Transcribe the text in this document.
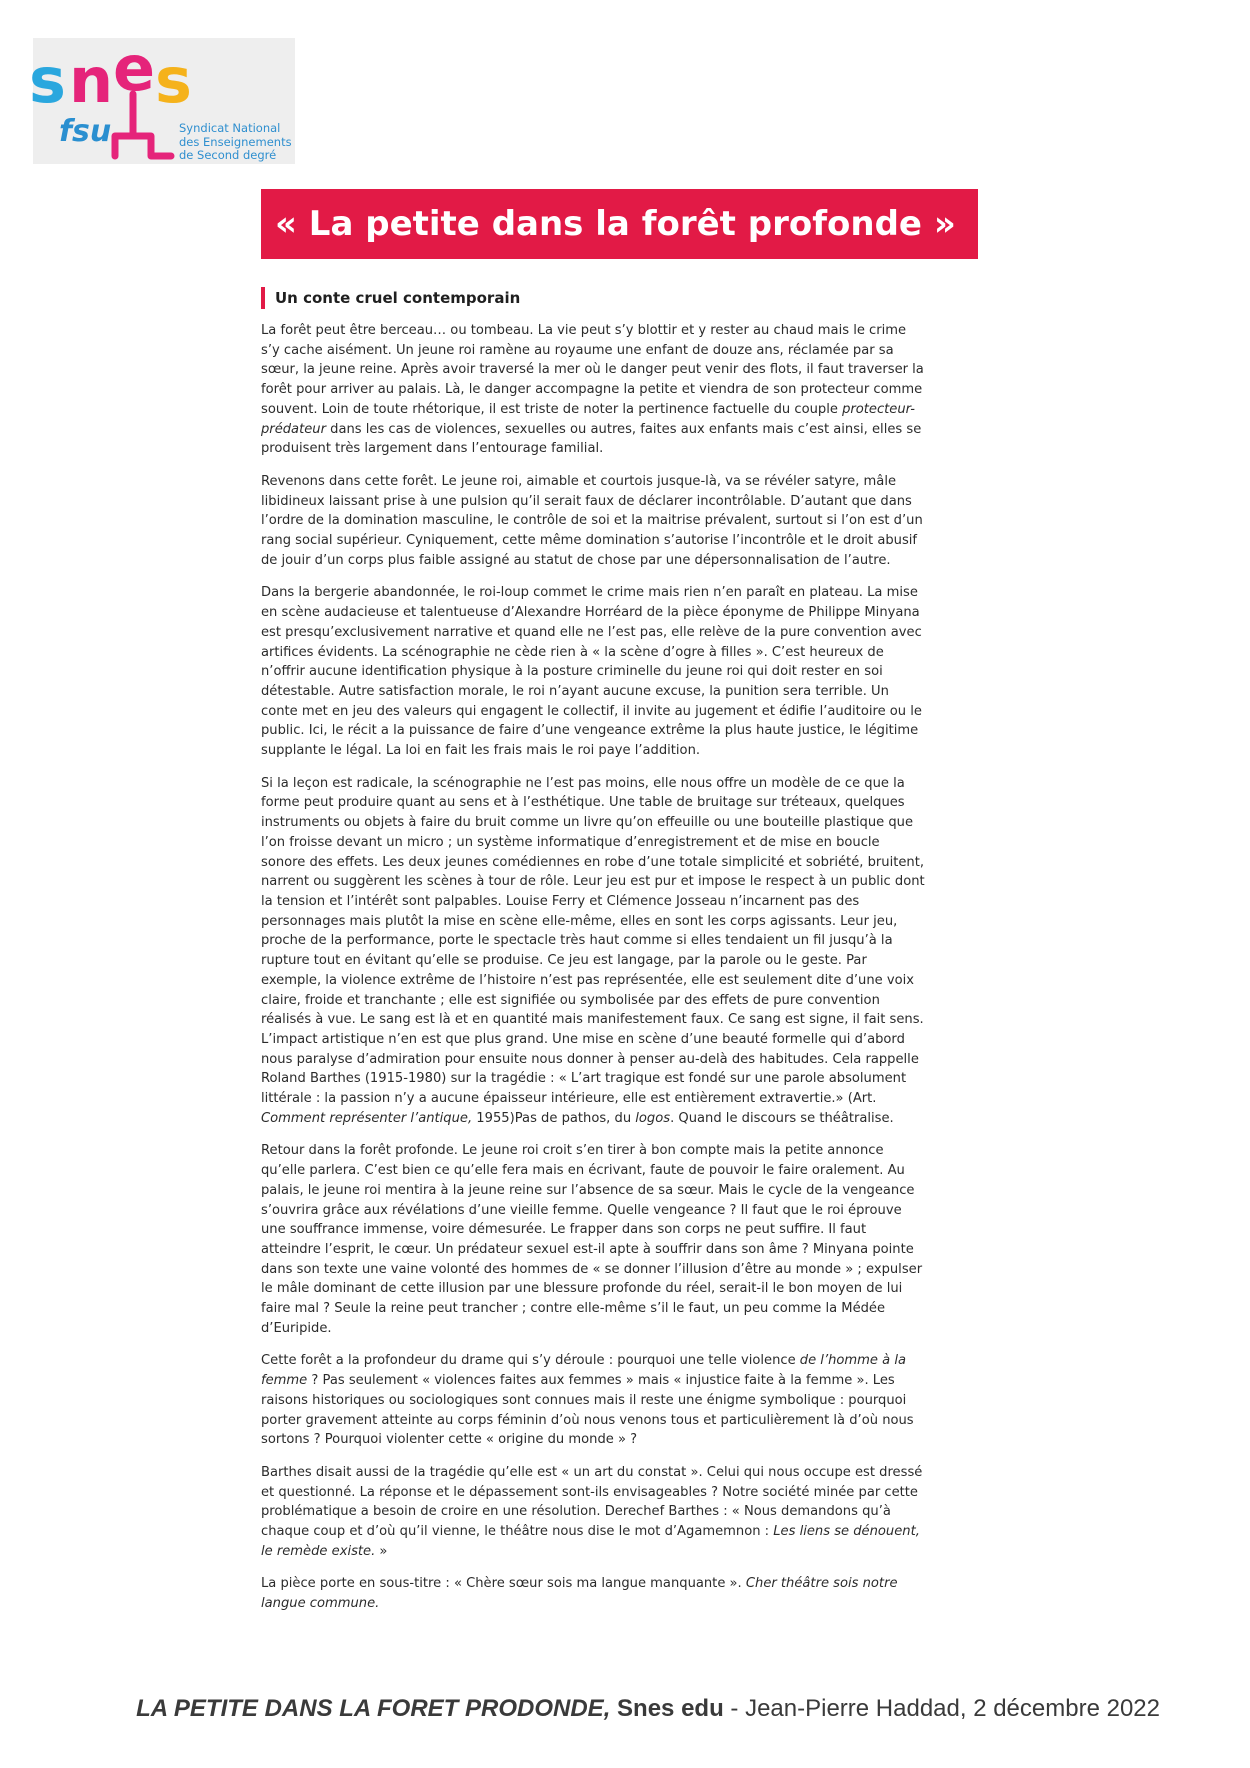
s n e s
fsu	Syndicat National
des Enseignements
de Second degré
« La petite dans la forêt profonde »
Un conte cruel contemporain

La forêt peut être berceau… ou tombeau. La vie peut s’y blottir et y rester au chaud mais le crime s’y cache aisément. Un jeune roi ramène au royaume une enfant de douze ans, réclamée par sa sœur, la jeune reine. Après avoir traversé la mer où le danger peut venir des flots, il faut traverser la forêt pour arriver au palais. Là, le danger accompagne la petite et viendra de son protecteur comme souvent. Loin de toute rhétorique, il est triste de noter la pertinence factuelle du couple protecteur-prédateur dans les cas de violences, sexuelles ou autres, faites aux enfants mais c’est ainsi, elles se produisent très largement dans l’entourage familial.

Revenons dans cette forêt. Le jeune roi, aimable et courtois jusque-là, va se révéler satyre, mâle libidineux laissant prise à une pulsion qu’il serait faux de déclarer incontrôlable. D’autant que dans l’ordre de la domination masculine, le contrôle de soi et la maitrise prévalent, surtout si l’on est d’un rang social supérieur. Cyniquement, cette même domination s’autorise l’incontrôle et le droit abusif de jouir d’un corps plus faible assigné au statut de chose par une dépersonnalisation de l’autre.

Dans la bergerie abandonnée, le roi-loup commet le crime mais rien n’en paraît en plateau. La mise en scène audacieuse et talentueuse d’Alexandre Horréard de la pièce éponyme de Philippe Minyana est presqu’exclusivement narrative et quand elle ne l’est pas, elle relève de la pure convention avec artifices évidents. La scénographie ne cède rien à « la scène d’ogre à filles ». C’est heureux de n’offrir aucune identification physique à la posture criminelle du jeune roi qui doit rester en soi détestable. Autre satisfaction morale, le roi n’ayant aucune excuse, la punition sera terrible. Un conte met en jeu des valeurs qui engagent le collectif, il invite au jugement et édifie l’auditoire ou le public. Ici, le récit a la puissance de faire d’une vengeance extrême la plus haute justice, le légitime supplante le légal. La loi en fait les frais mais le roi paye l’addition.

Si la leçon est radicale, la scénographie ne l’est pas moins, elle nous offre un modèle de ce que la forme peut produire quant au sens et à l’esthétique. Une table de bruitage sur tréteaux, quelques instruments ou objets à faire du bruit comme un livre qu’on effeuille ou une bouteille plastique que l’on froisse devant un micro ; un système informatique d’enregistrement et de mise en boucle sonore des effets. Les deux jeunes comédiennes en robe d’une totale simplicité et sobriété, bruitent, narrent ou suggèrent les scènes à tour de rôle. Leur jeu est pur et impose le respect à un public dont la tension et l’intérêt sont palpables. Louise Ferry et Clémence Josseau n’incarnent pas des personnages mais plutôt la mise en scène elle-même, elles en sont les corps agissants. Leur jeu, proche de la performance, porte le spectacle très haut comme si elles tendaient un fil jusqu’à la rupture tout en évitant qu’elle se produise. Ce jeu est langage, par la parole ou le geste. Par exemple, la violence extrême de l’histoire n’est pas représentée, elle est seulement dite d’une voix claire, froide et tranchante ; elle est signifiée ou symbolisée par des effets de pure convention réalisés à vue. Le sang est là et en quantité mais manifestement faux. Ce sang est signe, il fait sens. L’impact artistique n’en est que plus grand. Une mise en scène d’une beauté formelle qui d’abord nous paralyse d’admiration pour ensuite nous donner à penser au-delà des habitudes. Cela rappelle Roland Barthes (1915-1980) sur la tragédie : « L’art tragique est fondé sur une parole absolument littérale : la passion n’y a aucune épaisseur intérieure, elle est entièrement extravertie.» (Art. Comment représenter l’antique, 1955)Pas de pathos, du logos. Quand le discours se théâtralise.

Retour dans la forêt profonde. Le jeune roi croit s’en tirer à bon compte mais la petite annonce qu’elle parlera. C’est bien ce qu’elle fera mais en écrivant, faute de pouvoir le faire oralement. Au palais, le jeune roi mentira à la jeune reine sur l’absence de sa sœur. Mais le cycle de la vengeance s’ouvrira grâce aux révélations d’une vieille femme. Quelle vengeance ? Il faut que le roi éprouve une souffrance immense, voire démesurée. Le frapper dans son corps ne peut suffire. Il faut atteindre l’esprit, le cœur. Un prédateur sexuel est-il apte à souffrir dans son âme ? Minyana pointe dans son texte une vaine volonté des hommes de « se donner l’illusion d’être au monde » ; expulser le mâle dominant de cette illusion par une blessure profonde du réel, serait-il le bon moyen de lui faire mal ? Seule la reine peut trancher ; contre elle-même s’il le faut, un peu comme la Médée d’Euripide.

Cette forêt a la profondeur du drame qui s’y déroule : pourquoi une telle violence de l’homme à la femme ? Pas seulement « violences faites aux femmes » mais « injustice faite à la femme ». Les raisons historiques ou sociologiques sont connues mais il reste une énigme symbolique : pourquoi porter gravement atteinte au corps féminin d’où nous venons tous et particulièrement là d’où nous sortons ? Pourquoi violenter cette « origine du monde » ?

Barthes disait aussi de la tragédie qu’elle est « un art du constat ». Celui qui nous occupe est dressé et questionné. La réponse et le dépassement sont-ils envisageables ? Notre société minée par cette problématique a besoin de croire en une résolution. Derechef Barthes : « Nous demandons qu’à chaque coup et d’où qu’il vienne, le théâtre nous dise le mot d’Agamemnon : Les liens se dénouent, le remède existe. »

La pièce porte en sous-titre : « Chère sœur sois ma langue manquante ». Cher théâtre sois notre langue commune.

LA PETITE DANS LA FORET PRODONDE, Snes edu - Jean-Pierre Haddad, 2 décembre 2022
